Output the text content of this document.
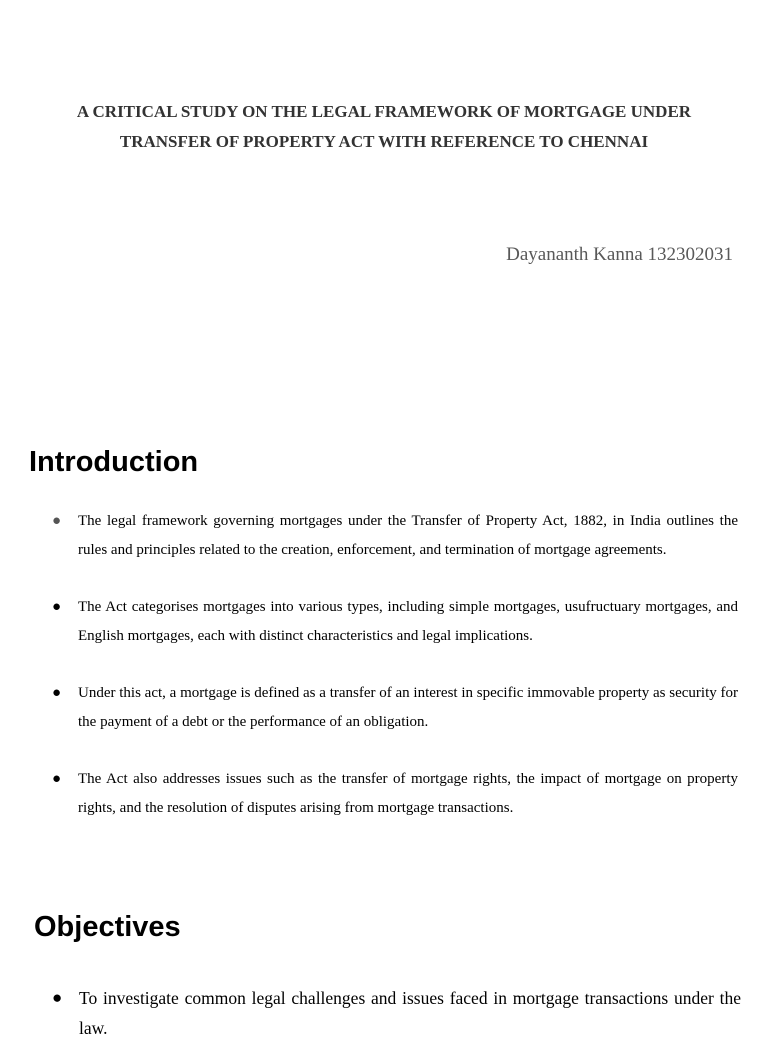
A CRITICAL STUDY ON THE LEGAL FRAMEWORK OF MORTGAGE UNDER
TRANSFER OF PROPERTY ACT WITH REFERENCE TO CHENNAI

Dayananth Kanna 132302031

Introduction
● The legal framework governing mortgages under the Transfer of Property Act, 1882, in India outlines the rules and principles related to the creation, enforcement, and termination of mortgage agreements.
● The Act categorises mortgages into various types, including simple mortgages, usufructuary mortgages, and English mortgages, each with distinct characteristics and legal implications.
● Under this act, a mortgage is defined as a transfer of an interest in specific immovable property as security for the payment of a debt or the performance of an obligation.
● The Act also addresses issues such as the transfer of mortgage rights, the impact of mortgage on property rights, and the resolution of disputes arising from mortgage transactions.
Objectives
● To investigate common legal challenges and issues faced in mortgage transactions under the law.
